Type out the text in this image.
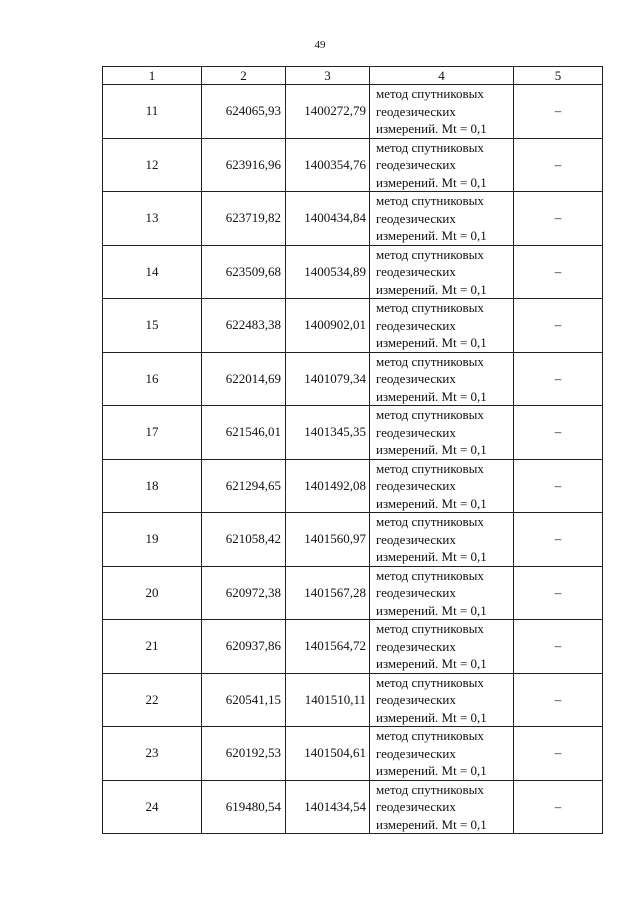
49
1	2	3	4	5
11	624065,93	1400272,79	метод спутниковых
геодезических
измерений. Mt = 0,1	–
12	623916,96	1400354,76	метод спутниковых
геодезических
измерений. Mt = 0,1	–
13	623719,82	1400434,84	метод спутниковых
геодезических
измерений. Mt = 0,1	–
14	623509,68	1400534,89	метод спутниковых
геодезических
измерений. Mt = 0,1	–
15	622483,38	1400902,01	метод спутниковых
геодезических
измерений. Mt = 0,1	–
16	622014,69	1401079,34	метод спутниковых
геодезических
измерений. Mt = 0,1	–
17	621546,01	1401345,35	метод спутниковых
геодезических
измерений. Mt = 0,1	–
18	621294,65	1401492,08	метод спутниковых
геодезических
измерений. Mt = 0,1	–
19	621058,42	1401560,97	метод спутниковых
геодезических
измерений. Mt = 0,1	–
20	620972,38	1401567,28	метод спутниковых
геодезических
измерений. Mt = 0,1	–
21	620937,86	1401564,72	метод спутниковых
геодезических
измерений. Mt = 0,1	–
22	620541,15	1401510,11	метод спутниковых
геодезических
измерений. Mt = 0,1	–
23	620192,53	1401504,61	метод спутниковых
геодезических
измерений. Mt = 0,1	–
24	619480,54	1401434,54	метод спутниковых
геодезических
измерений. Mt = 0,1	–
